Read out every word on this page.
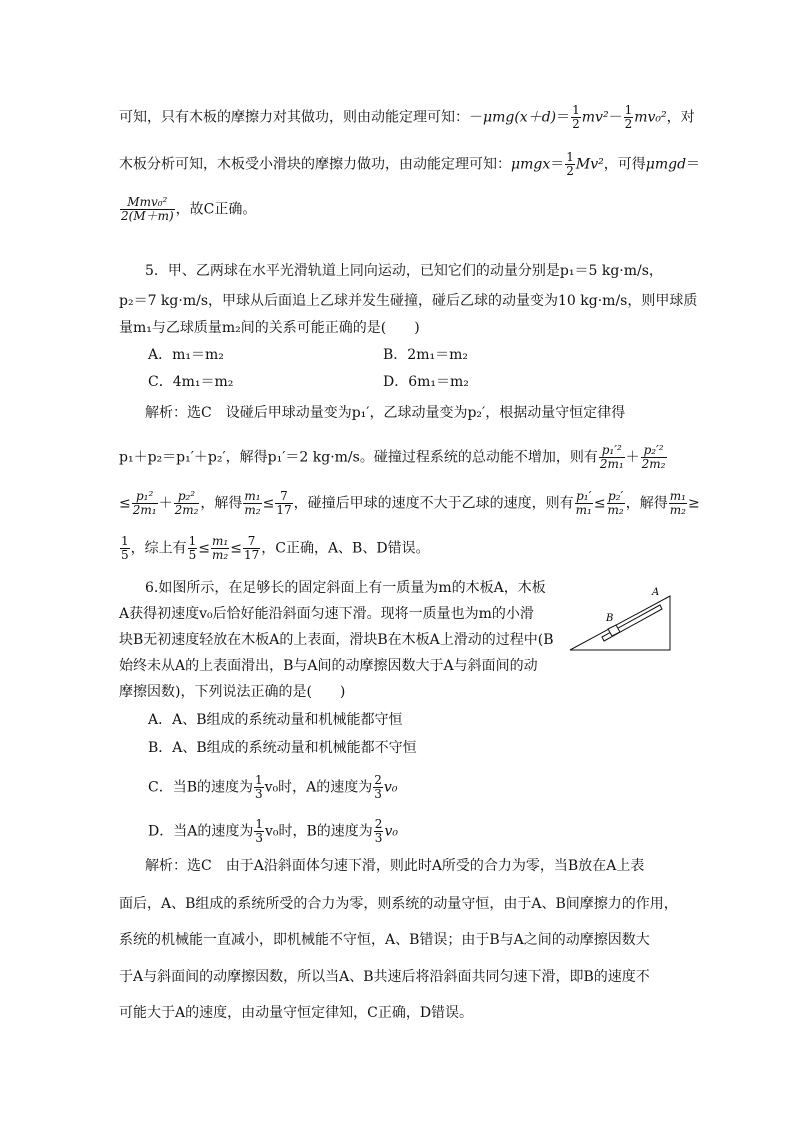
可知，只有木板的摩擦力对其做功，则由动能定理可知：$-\mu mg(x+d)= \frac{1}{2} mv^2- \frac{1}{2} mv_0^2$，对
木板分析可知，木板受小滑块的摩擦力做功，由动能定理可知：$\mu mgx= \frac{1}{2} Mv^2$，可得μmgd＝
$\frac{\text{Mmv₀²}}{2(M+m)}$ ，故C正确。
5．甲、乙两球在水平光滑轨道上同向运动，已知它们的动量分别是p₁＝5 kg·m/s，
p₂＝7 kg·m/s，甲球从后面追上乙球并发生碰撞，碰后乙球的动量变为10 kg·m/s，则甲球质
量m₁与乙球质量m₂间的关系可能正确的是(　　)
A．m₁＝m₂	B．2m₁＝m₂
C．4m₁＝m₂	D．6m₁＝m₂
解析：选C　设碰后甲球动量变为p₁′，乙球动量变为p₂′，根据动量守恒定律得
p₁＋p₂＝p₁′＋p₂′，解得p₁′＝2 kg·m/s。碰撞过程系统的总动能不增加，则有 $\frac{\text{p₁′²}}{\text{2m₁}} + \frac{\text{p₂′²}}{\text{2m₂}}$
≤ $\frac{\text{p₁²}}{\text{2m₁}} + \frac{\text{p₂²}}{\text{2m₂}}$ ，解得 $\frac{\text{m₁}}{\text{m₂}} \le \frac{7}{17}$ ，碰撞后甲球的速度不大于乙球的速度，则有 $\frac{\text{p₁′}}{\text{m₁}} \le \frac{\text{p₂′}}{\text{m₂}}$ ，解得 $\frac{\text{m₁}}{\text{m₂}}$ ≥
$\frac{1}{5}$ ，综上有 $\frac{1}{5} \le \frac{\text{m₁}}{\text{m₂}} \le \frac{7}{17}$ ，C正确，A、B、D错误。
6.如图所示，在足够长的固定斜面上有一质量为m的木板A，木板
A获得初速度v₀后恰好能沿斜面匀速下滑。现将一质量也为m的小滑
块B无初速度轻放在木板A的上表面，滑块B在木板A上滑动的过程中(B
始终未从A的上表面滑出，B与A间的动摩擦因数大于A与斜面间的动
摩擦因数)，下列说法正确的是(　　)
B
A
A．A、B组成的系统动量和机械能都守恒
B．A、B组成的系统动量和机械能都不守恒
C．当B的速度为 $\frac{1}{3} v_0$时，A的速度为 $\frac{2}{3} v_0$
D．当A的速度为 $\frac{1}{3} v_0$时，B的速度为 $\frac{2}{3} v_0$
解析：选C　由于A沿斜面体匀速下滑，则此时A所受的合力为零，当B放在A上表
面后，A、B组成的系统所受的合力为零，则系统的动量守恒，由于A、B间摩擦力的作用，
系统的机械能一直减小，即机械能不守恒，A、B错误；由于B与A之间的动摩擦因数大
于A与斜面间的动摩擦因数，所以当A、B共速后将沿斜面共同匀速下滑，即B的速度不
可能大于A的速度，由动量守恒定律知，C正确，D错误。
